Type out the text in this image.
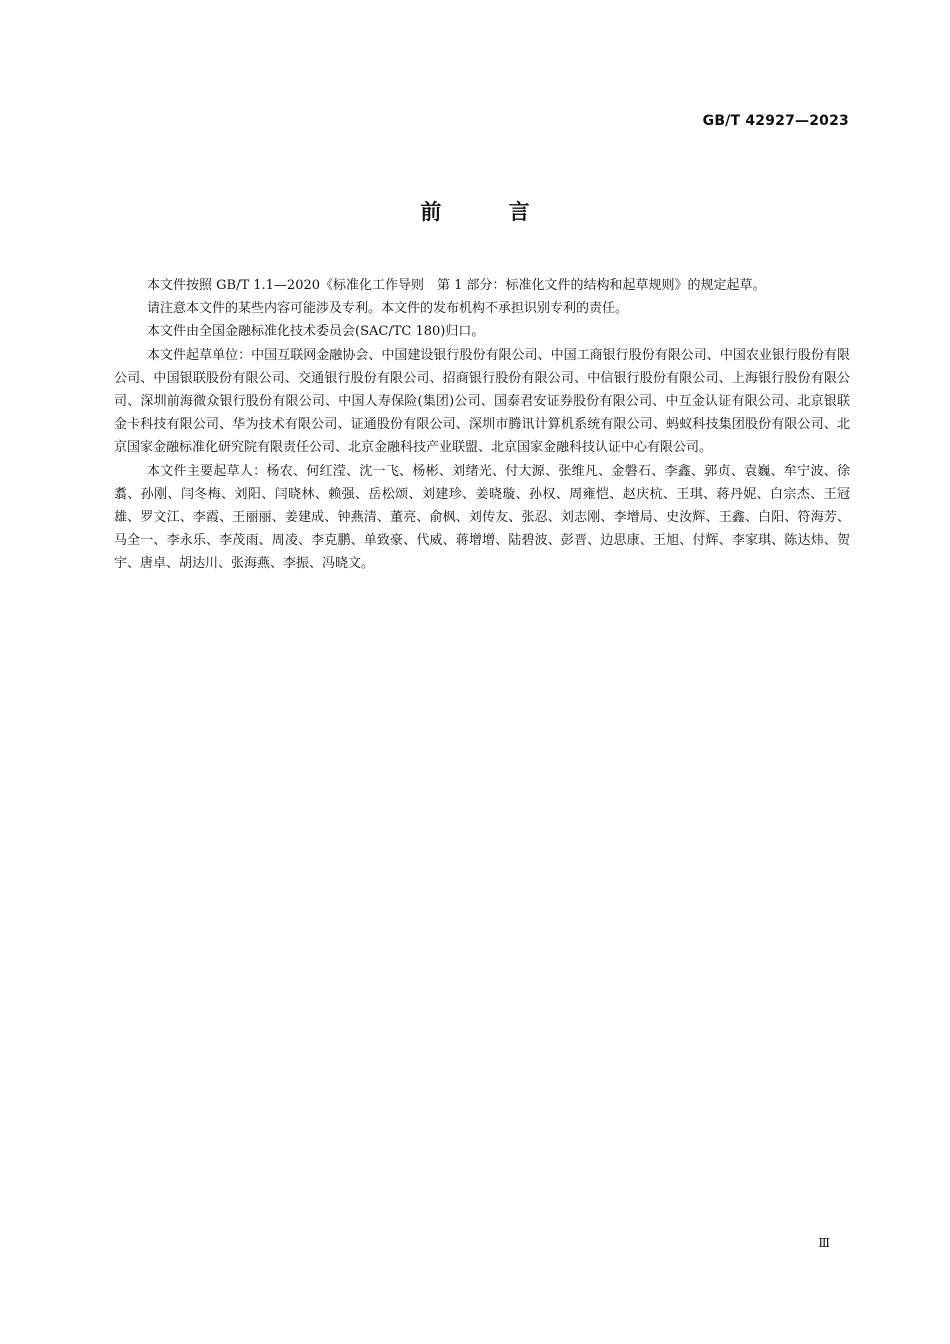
GB/T 42927—2023
前 言

本文件按照 GB/T 1.1—2020《标准化工作导则　第 1 部分：标准化文件的结构和起草规则》的规定起草。

请注意本文件的某些内容可能涉及专利。本文件的发布机构不承担识别专利的责任。

本文件由全国金融标准化技术委员会(SAC/TC 180)归口。

本文件起草单位：中国互联网金融协会、中国建设银行股份有限公司、中国工商银行股份有限公司、中国农业银行股份有限公司、中国银联股份有限公司、交通银行股份有限公司、招商银行股份有限公司、中信银行股份有限公司、上海银行股份有限公司、深圳前海微众银行股份有限公司、中国人寿保险(集团)公司、国泰君安证券股份有限公司、中互金认证有限公司、北京银联金卡科技有限公司、华为技术有限公司、证通股份有限公司、深圳市腾讯计算机系统有限公司、蚂蚁科技集团股份有限公司、北京国家金融标准化研究院有限责任公司、北京金融科技产业联盟、北京国家金融科技认证中心有限公司。

本文件主要起草人：杨农、何红滢、沈一飞、杨彬、刘绪光、付大源、张维凡、金磐石、李鑫、郭贞、袁巍、牟宁波、徐翥、孙刚、闫冬梅、刘阳、闫晓林、赖强、岳松颂、刘建珍、姜晓璇、孙权、周雍恺、赵庆杭、王琪、蒋丹妮、白宗杰、王冠雄、罗文江、李霞、王丽丽、姜建成、钟燕清、董亮、俞枫、刘传友、张忍、刘志刚、李增局、史汝辉、王鑫、白阳、符海芳、马全一、李永乐、李茂雨、周凌、李克鹏、单致豪、代威、蒋增增、陆碧波、彭晋、边思康、王旭、付辉、李家琪、陈达炜、贺宇、唐卓、胡达川、张海燕、李振、冯晓文。

Ⅲ
